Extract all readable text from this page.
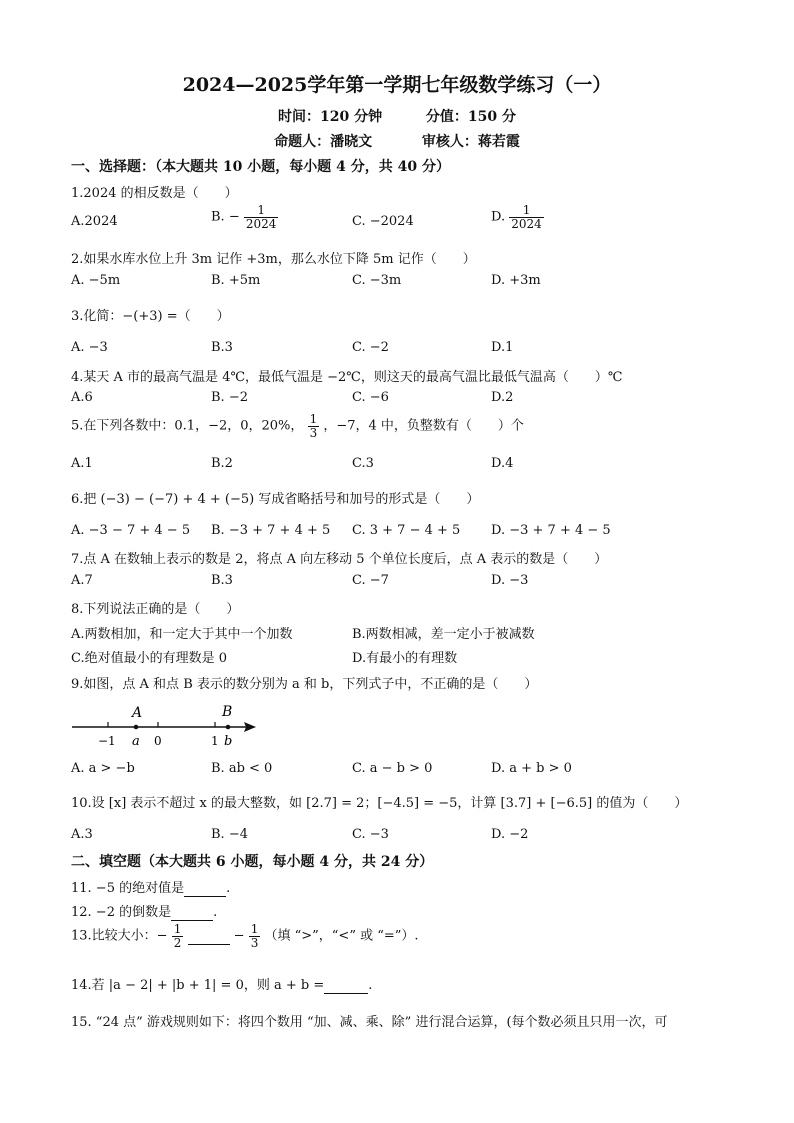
2024—2025学年第一学期七年级数学练习（一）
时间：120 分钟	分值：150 分
命题人：潘晓文	审核人：蒋若霞
一、选择题：（本大题共 10 小题，每小题 4 分，共 40 分）
1.2024 的相反数是（　　）
A.2024	B. − $\frac{1}{2024}$	C. −2024	D. $\frac{1}{2024}$
2.如果水库水位上升 3m 记作 +3m，那么水位下降 5m 记作（　　）
A. −5m	B. +5m	C. −3m	D. +3m
3.化简：−(+3) =（　　）
A. −3	B.3	C. −2	D.1
4.某天 A 市的最高气温是 4℃，最低气温是 −2℃，则这天的最高气温比最低气温高（　　）℃
A.6	B. −2	C. −6	D.2
5.在下列各数中：0.1，−2，0，20%， $\frac{1}{3}$ ，−7，4 中，负整数有（　　）个
A.1	B.2	C.3	D.4
6.把 (−3) − (−7) + 4 + (−5) 写成省略括号和加号的形式是（　　）
A. −3 − 7 + 4 − 5 B. −3 + 7 + 4 + 5 C. 3 + 7 − 4 + 5 D. −3 + 7 + 4 − 5
7.点 A 在数轴上表示的数是 2，将点 A 向左移动 5 个单位长度后，点 A 表示的数是（　　）
A.7	B.3	C. −7	D. −3
8.下列说法正确的是（　　）
A.两数相加，和一定大于其中一个加数	B.两数相减，差一定小于被减数
C.绝对值最小的有理数是 0	D.有最小的有理数
9.如图，点 A 和点 B 表示的数分别为 a 和 b，下列式子中，不正确的是（　　）
A	B
−1 a 0	1 b
A. a > −b	B. ab < 0	C. a − b > 0	D. a + b > 0
10.设 [x] 表示不超过 x 的最大整数，如 [2.7] = 2；[−4.5] = −5，计算 [3.7] + [−6.5] 的值为（　　）
A.3	B. −4	C. −3	D. −2
二、填空题（本大题共 6 小题，每小题 4 分，共 24 分）
11. −5 的绝对值是	.
12. −2 的倒数是	.
13.比较大小：− $\frac{1}{2}$	− $\frac{1}{3}$ （填 “>”，“<” 或 “=”）.
14.若 |a − 2| + |b + 1| = 0，则 a + b =	.
15. “24 点” 游戏规则如下：将四个数用 “加、减、乘、除” 进行混合运算，(每个数必须且只用一次，可
